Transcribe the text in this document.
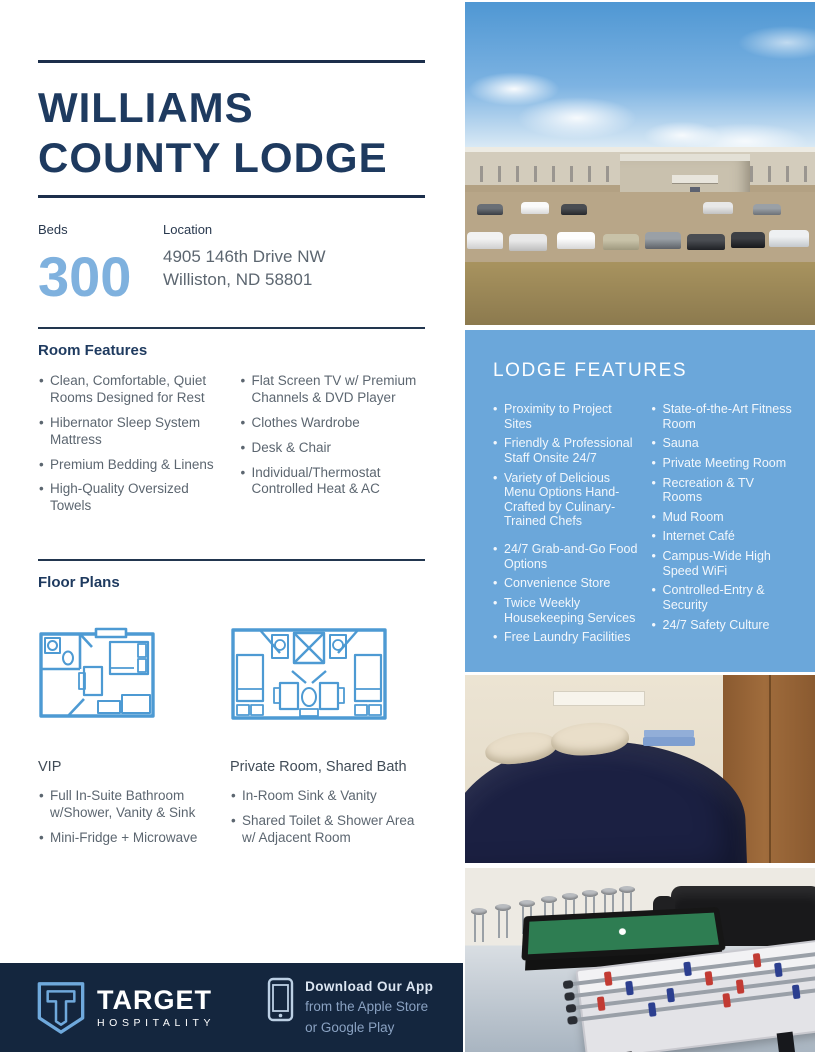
WILLIAMS COUNTY LODGE
Beds
300
Location
4905 146th Drive NW
Williston, ND 58801
Room Features
• Clean, Comfortable, Quiet Rooms Designed for Rest
• Hibernator Sleep System Mattress
• Premium Bedding & Linens
• High-Quality Oversized Towels
• Flat Screen TV w/ Premium Channels & DVD Player
• Clothes Wardrobe
• Desk & Chair
• Individual/Thermostat Controlled Heat & AC
Floor Plans
VIP
• Full In-Suite Bathroom w/Shower, Vanity & Sink
• Mini-Fridge + Microwave
Private Room, Shared Bath
• In-Room Sink & Vanity
• Shared Toilet & Shower Area w/ Adjacent Room
TARGET
HOSPITALITY
Download Our App
from the Apple Store
or Google Play
LODGE FEATURES
• Proximity to Project Sites
• Friendly & Professional Staff Onsite 24/7
• Variety of Delicious Menu Options Hand-Crafted by Culinary-Trained Chefs
• 24/7 Grab-and-Go Food Options
• Convenience Store
• Twice Weekly Housekeeping Services
• Free Laundry Facilities
• State-of-the-Art Fitness Room
• Sauna
• Private Meeting Room
• Recreation & TV Rooms
• Mud Room
• Internet Café
• Campus-Wide High Speed WiFi
• Controlled-Entry & Security
• 24/7 Safety Culture
